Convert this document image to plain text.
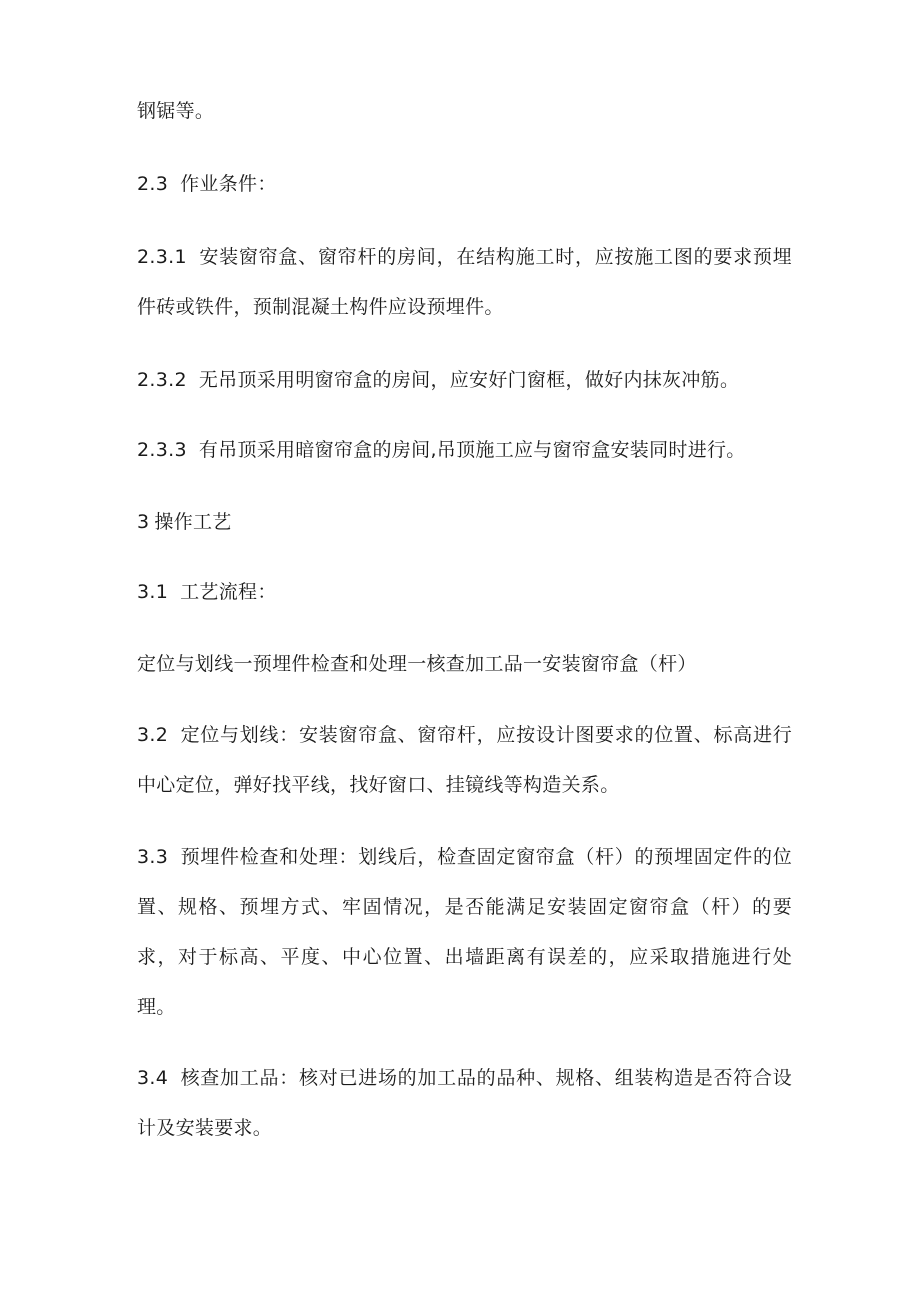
钢锯等。

2.3 作业条件：

2.3.1 安装窗帘盒、窗帘杆的房间，在结构施工时，应按施工图的要求预埋件砖或铁件，预制混凝土构件应设预埋件。

2.3.2 无吊顶采用明窗帘盒的房间，应安好门窗框，做好内抹灰冲筋。

2.3.3 有吊顶采用暗窗帘盒的房间,吊顶施工应与窗帘盒安装同时进行。

3 操作工艺

3.1 工艺流程：

定位与划线一预埋件检查和处理一核查加工品一安装窗帘盒（杆）

3.2 定位与划线：安装窗帘盒、窗帘杆，应按设计图要求的位置、标高进行中心定位，弹好找平线，找好窗口、挂镜线等构造关系。

3.3 预埋件检查和处理：划线后，检查固定窗帘盒（杆）的预埋固定件的位置、规格、预埋方式、牢固情况，是否能满足安装固定窗帘盒（杆）的要求，对于标高、平度、中心位置、出墙距离有误差的，应采取措施进行处理。

3.4 核查加工品：核对已进场的加工品的品种、规格、组装构造是否符合设计及安装要求。
